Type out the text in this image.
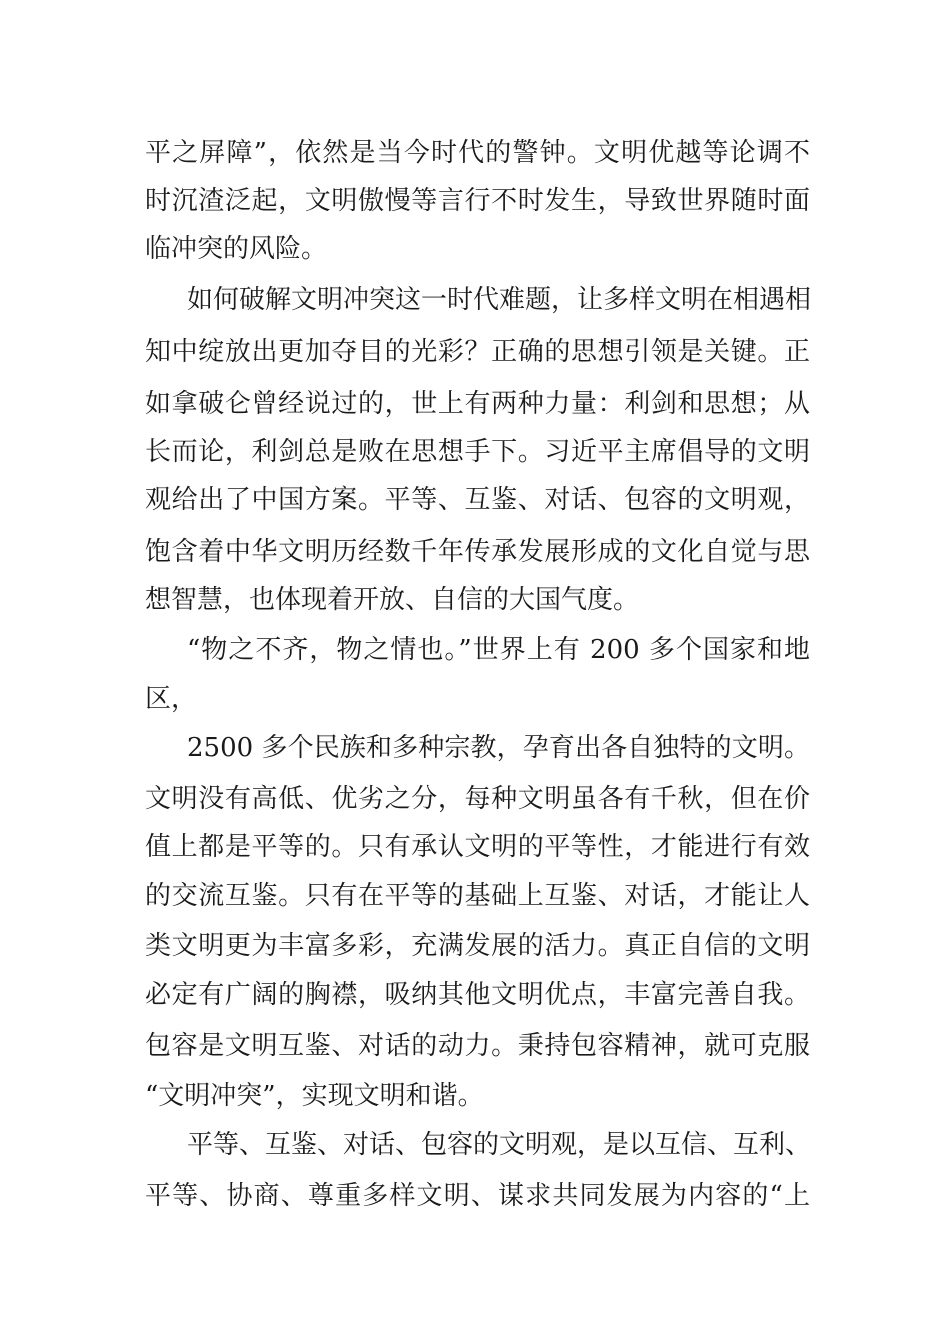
平之屏障”，依然是当今时代的警钟。文明优越等论调不
时沉渣泛起，文明傲慢等言行不时发生，导致世界随时面
临冲突的风险。
如何破解文明冲突这一时代难题，让多样文明在相遇相
知中绽放出更加夺目的光彩？正确的思想引领是关键。正
如拿破仑曾经说过的，世上有两种力量：利剑和思想；从
长而论，利剑总是败在思想手下。习近平主席倡导的文明
观给出了中国方案。平等、互鉴、对话、包容的文明观，
饱含着中华文明历经数千年传承发展形成的文化自觉与思
想智慧，也体现着开放、自信的大国气度。
“物之不齐，物之情也。”世界上有 200 多个国家和地
区，
2500 多个民族和多种宗教，孕育出各自独特的文明。
文明没有高低、优劣之分，每种文明虽各有千秋，但在价
值上都是平等的。只有承认文明的平等性，才能进行有效
的交流互鉴。只有在平等的基础上互鉴、对话，才能让人
类文明更为丰富多彩，充满发展的活力。真正自信的文明
必定有广阔的胸襟，吸纳其他文明优点，丰富完善自我。
包容是文明互鉴、对话的动力。秉持包容精神，就可克服
“文明冲突”，实现文明和谐。
平等、互鉴、对话、包容的文明观，是以互信、互利、
平等、协商、尊重多样文明、谋求共同发展为内容的“上
